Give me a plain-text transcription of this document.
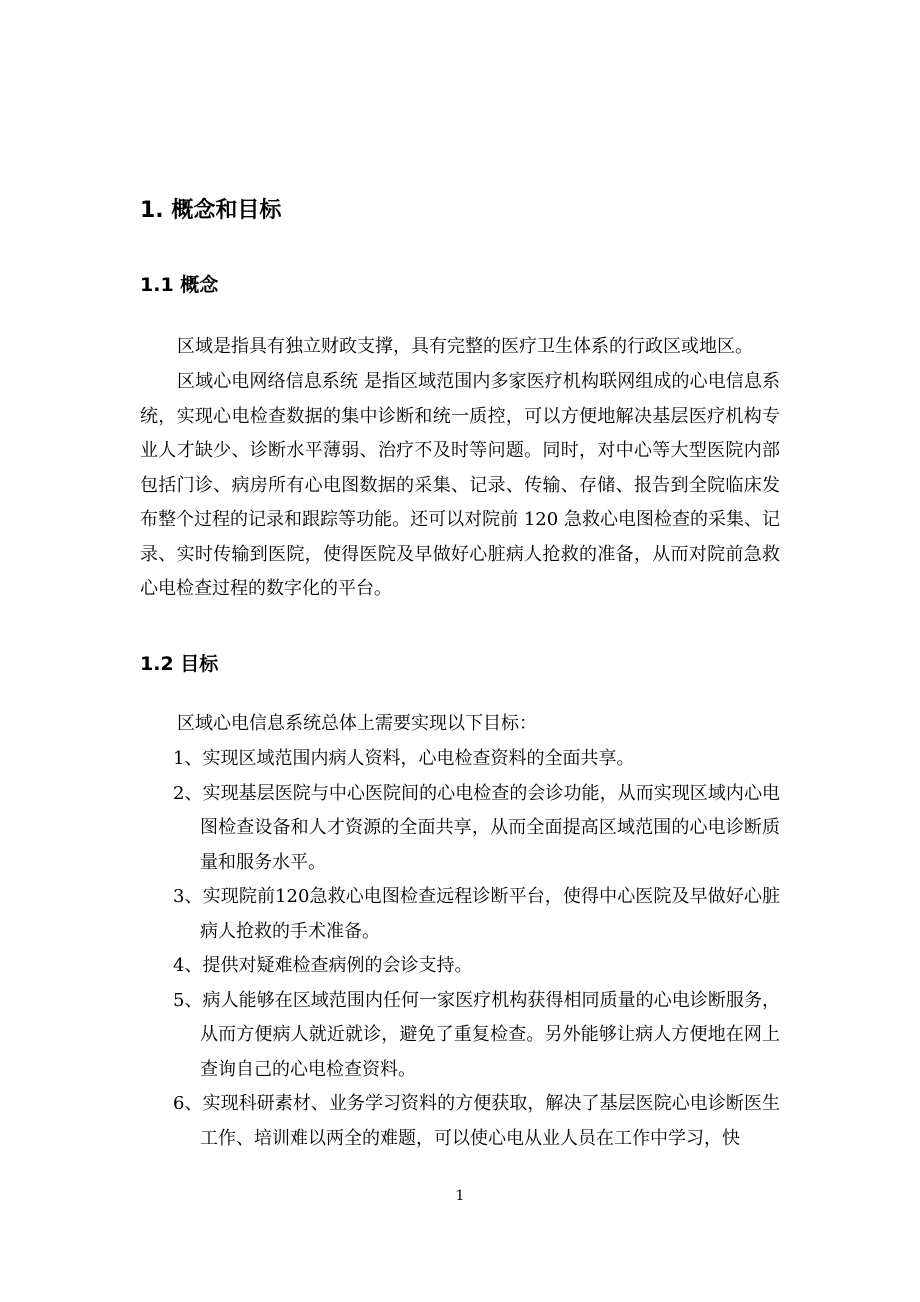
1. 概念和目标
1.1 概念
区域是指具有独立财政支撑，具有完整的医疗卫生体系的行政区或地区。
区域心电网络信息系统 是指区域范围内多家医疗机构联网组成的心电信息系统，实现心电检查数据的集中诊断和统一质控，可以方便地解决基层医疗机构专业人才缺少、诊断水平薄弱、治疗不及时等问题。同时，对中心等大型医院内部包括门诊、病房所有心电图数据的采集、记录、传输、存储、报告到全院临床发布整个过程的记录和跟踪等功能。还可以对院前 120 急救心电图检查的采集、记录、实时传输到医院，使得医院及早做好心脏病人抢救的准备，从而对院前急救心电检查过程的数字化的平台。
1.2 目标
区域心电信息系统总体上需要实现以下目标：
1、实现区域范围内病人资料，心电检查资料的全面共享。
2、实现基层医院与中心医院间的心电检查的会诊功能，从而实现区域内心电图检查设备和人才资源的全面共享，从而全面提高区域范围的心电诊断质量和服务水平。
3、实现院前120急救心电图检查远程诊断平台，使得中心医院及早做好心脏病人抢救的手术准备。
4、提供对疑难检查病例的会诊支持。
5、病人能够在区域范围内任何一家医疗机构获得相同质量的心电诊断服务，从而方便病人就近就诊，避免了重复检查。另外能够让病人方便地在网上查询自己的心电检查资料。
6、实现科研素材、业务学习资料的方便获取，解决了基层医院心电诊断医生工作、培训难以两全的难题，可以使心电从业人员在工作中学习，快
1
